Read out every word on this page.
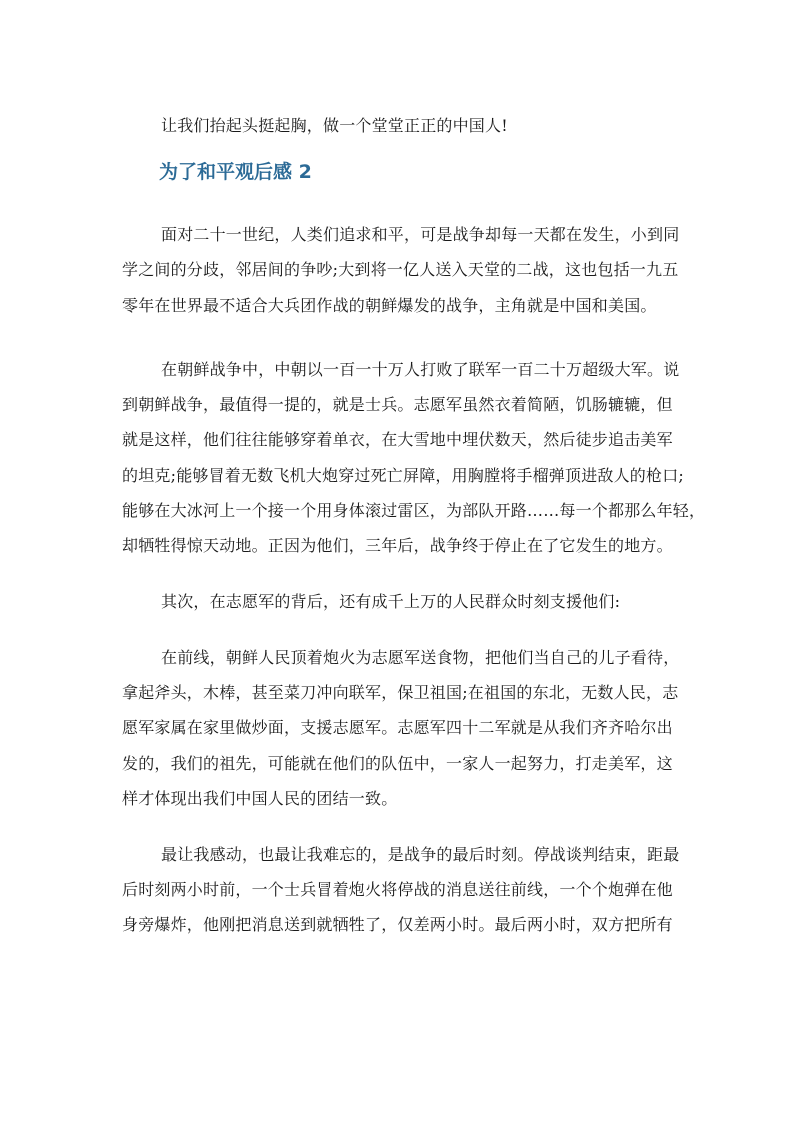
让我们抬起头挺起胸，做一个堂堂正正的中国人!
为了和平观后感 2
面对二十一世纪，人类们追求和平，可是战争却每一天都在发生，小到同
学之间的分歧，邻居间的争吵;大到将一亿人送入天堂的二战，这也包括一九五
零年在世界最不适合大兵团作战的朝鲜爆发的战争，主角就是中国和美国。
在朝鲜战争中，中朝以一百一十万人打败了联军一百二十万超级大军。说
到朝鲜战争，最值得一提的，就是士兵。志愿军虽然衣着简陋，饥肠辘辘，但
就是这样，他们往往能够穿着单衣，在大雪地中埋伏数天，然后徒步追击美军
的坦克;能够冒着无数飞机大炮穿过死亡屏障，用胸膛将手榴弹顶进敌人的枪口;
能够在大冰河上一个接一个用身体滚过雷区，为部队开路……每一个都那么年轻，
却牺牲得惊天动地。正因为他们，三年后，战争终于停止在了它发生的地方。
其次，在志愿军的背后，还有成千上万的人民群众时刻支援他们:
在前线，朝鲜人民顶着炮火为志愿军送食物，把他们当自己的儿子看待，
拿起斧头，木棒，甚至菜刀冲向联军，保卫祖国;在祖国的东北，无数人民，志
愿军家属在家里做炒面，支援志愿军。志愿军四十二军就是从我们齐齐哈尔出
发的，我们的祖先，可能就在他们的队伍中，一家人一起努力，打走美军，这
样才体现出我们中国人民的团结一致。
最让我感动，也最让我难忘的，是战争的最后时刻。停战谈判结束，距最
后时刻两小时前，一个士兵冒着炮火将停战的消息送往前线，一个个炮弹在他
身旁爆炸，他刚把消息送到就牺牲了，仅差两小时。最后两小时，双方把所有
